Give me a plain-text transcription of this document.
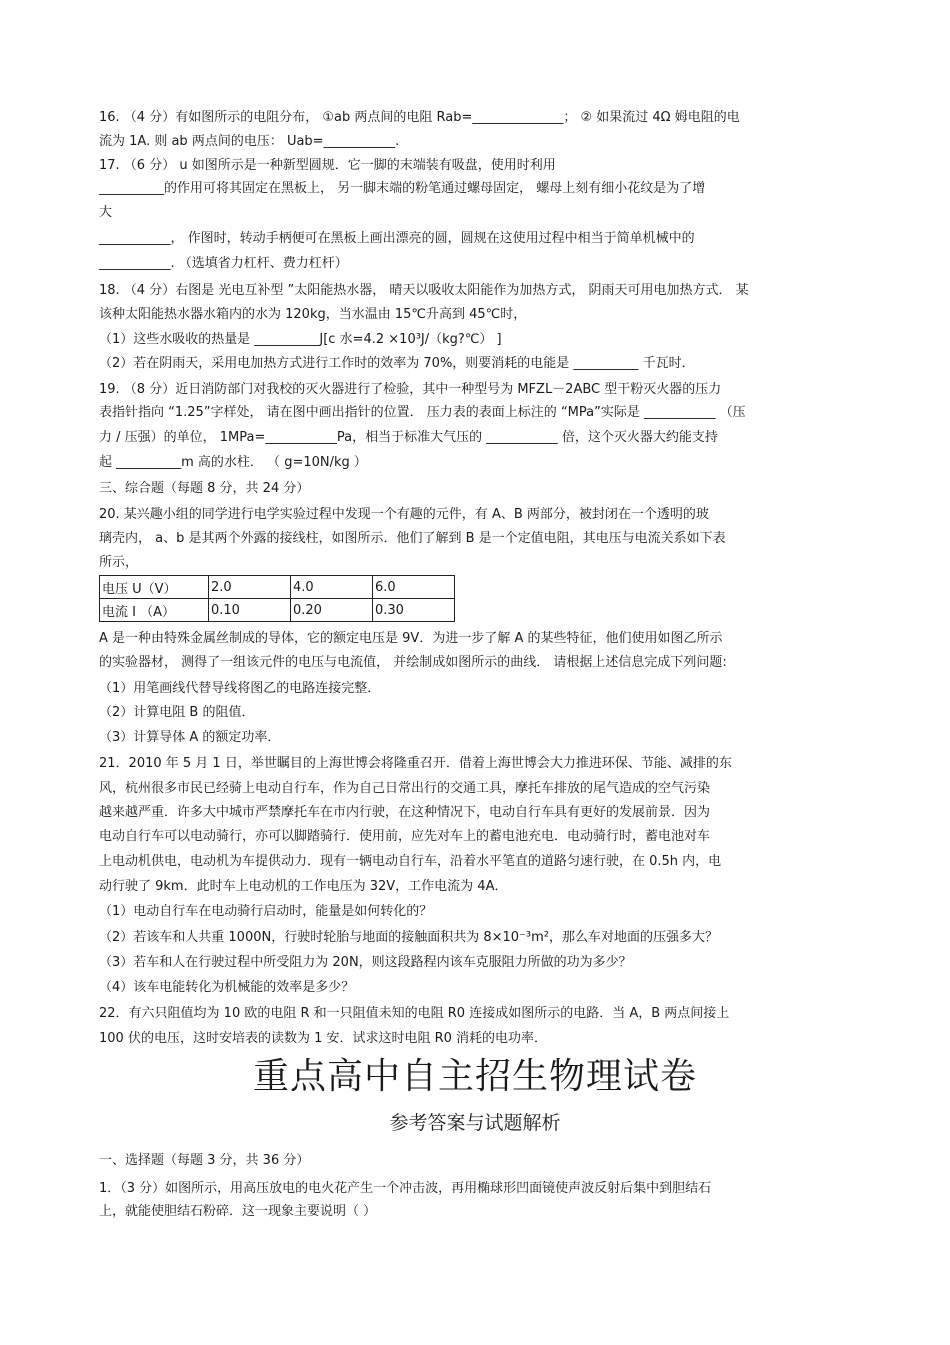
16. （4 分）有如图所示的电阻分布， ①ab 两点间的电阻 Rab=______________； ② 如果流过 4Ω 姆电阻的电
流为 1A. 则 ab 两点间的电压： Uab=___________.
17. （6 分） u 如图所示是一种新型圆规．它一脚的末端装有吸盘，使用时利用
__________的作用可将其固定在黑板上， 另一脚末端的粉笔通过螺母固定， 螺母上刻有细小花纹是为了增
大
___________， 作图时，转动手柄便可在黑板上画出漂亮的圆，圆规在这使用过程中相当于简单机械中的
___________. （选填省力杠杆、费力杠杆）
18. （4 分）右图是 光电互补型 ”太阳能热水器， 晴天以吸收太阳能作为加热方式， 阴雨天可用电加热方式． 某
该种太阳能热水器水箱内的水为 120kg，当水温由 15℃升高到 45℃时，
（1）这些水吸收的热量是 __________J[c 水=4.2 ×10³J/（kg?℃） ]
（2）若在阴雨天，采用电加热方式进行工作时的效率为 70%，则要消耗的电能是 __________ 千瓦时．
19. （8 分）近日消防部门对我校的灭火器进行了检验，其中一种型号为 MFZL－2ABC 型干粉灭火器的压力
表指针指向 “1.25”字样处， 请在图中画出指针的位置． 压力表的表面上标注的 “MPa”实际是 ___________ （压
力 / 压强）的单位， 1MPa=___________Pa，相当于标准大气压的 ___________ 倍，这个灭火器大约能支持
起 __________m 高的水柱． （ g=10N/kg ）
三、综合题（每题 8 分，共 24 分）
20. 某兴趣小组的同学进行电学实验过程中发现一个有趣的元件，有 A、B 两部分，被封闭在一个透明的玻
璃壳内， a、b 是其两个外露的接线柱，如图所示．他们了解到 B 是一个定值电阻，其电压与电流关系如下表
所示，
电压 U（V）	2.0	4.0	6.0
电流 I （A）	0.10	0.20	0.30
A 是一种由特殊金属丝制成的导体，它的额定电压是 9V．为进一步了解 A 的某些特征，他们使用如图乙所示
的实验器材， 测得了一组该元件的电压与电流值， 并绘制成如图所示的曲线． 请根据上述信息完成下列问题:
（1）用笔画线代替导线将图乙的电路连接完整．
（2）计算电阻 B 的阻值．
（3）计算导体 A 的额定功率．
21．2010 年 5 月 1 日，举世瞩目的上海世博会将隆重召开．借着上海世博会大力推进环保、节能、减排的东
风，杭州很多市民已经骑上电动自行车，作为自己日常出行的交通工具，摩托车排放的尾气造成的空气污染
越来越严重．许多大中城市严禁摩托车在市内行驶，在这种情况下，电动自行车具有更好的发展前景．因为
电动自行车可以电动骑行，亦可以脚踏骑行．使用前，应先对车上的蓄电池充电．电动骑行时，蓄电池对车
上电动机供电，电动机为车提供动力．现有一辆电动自行车，沿着水平笔直的道路匀速行驶，在 0.5h 内，电
动行驶了 9km．此时车上电动机的工作电压为 32V，工作电流为 4A．
（1）电动自行车在电动骑行启动时，能量是如何转化的？
（2）若该车和人共重 1000N，行驶时轮胎与地面的接触面积共为 8×10⁻³m²，那么车对地面的压强多大？
（3）若车和人在行驶过程中所受阻力为 20N，则这段路程内该车克服阻力所做的功为多少？
（4）该车电能转化为机械能的效率是多少？
22．有六只阻值均为 10 欧的电阻 R 和一只阻值未知的电阻 R0 连接成如图所示的电路．当 A，B 两点间接上
100 伏的电压，这时安培表的读数为 1 安．试求这时电阻 R0 消耗的电功率．
重点高中自主招生物理试卷
参考答案与试题解析
一、选择题（每题 3 分，共 36 分）
1．（3 分）如图所示，用高压放电的电火花产生一个冲击波，再用椭球形凹面镜使声波反射后集中到胆结石
上，就能使胆结石粉碎．这一现象主要说明（ ）
